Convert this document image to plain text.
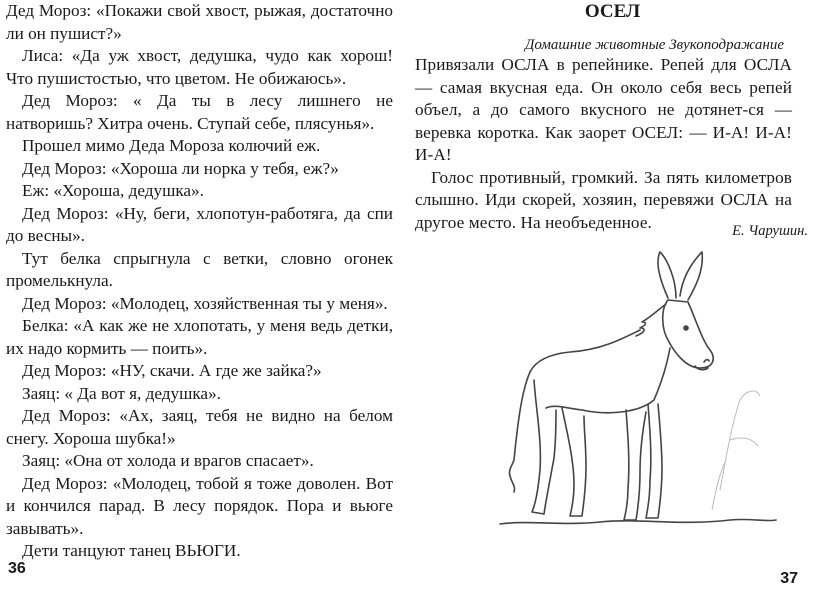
Дед Мороз: «Покажи свой хвост, рыжая, достаточно ли он пушист?»

Лиса: «Да уж хвост, дедушка, чудо как хорош! Что пушистостью, что цветом. Не обижаюсь».

Дед Мороз: « Да ты в лесу лишнего не натворишь? Хитра очень. Ступай себе, плясунья».

Прошел мимо Деда Мороза колючий еж.

Дед Мороз: «Хороша ли норка у тебя, еж?»

Еж: «Хороша, дедушка».

Дед Мороз: «Ну, беги, хлопотун-работяга, да спи до весны».

Тут белка спрыгнула с ветки, словно огонек промелькнула.

Дед Мороз: «Молодец, хозяйственная ты у меня».

Белка: «А как же не хлопотать, у меня ведь детки, их надо кормить — поить».

Дед Мороз: «НУ, скачи. А где же зайка?»

Заяц: « Да вот я, дедушка».

Дед Мороз: «Ах, заяц, тебя не видно на белом снегу. Хороша шубка!»

Заяц: «Она от холода и врагов спасает».

Дед Мороз: «Молодец, тобой я тоже доволен. Вот и кончился парад. В лесу порядок. Пора и вьюге завывать».

Дети танцуют танец ВЬЮГИ.

ОСЕЛ

Домашние животные Звукоподражание

Привязали ОСЛА в репейнике. Репей для ОСЛА — самая вкусная еда. Он около себя весь репей объел, а до самого вкусного не дотянет-ся — веревка коротка. Как заорет ОСЕЛ: — И-А! И-А! И-А!

Голос противный, громкий. За пять километров слышно. Иди скорей, хозяин, перевяжи ОСЛА на другое место. На необъеденное.	Е. Чарушин.

36

37
